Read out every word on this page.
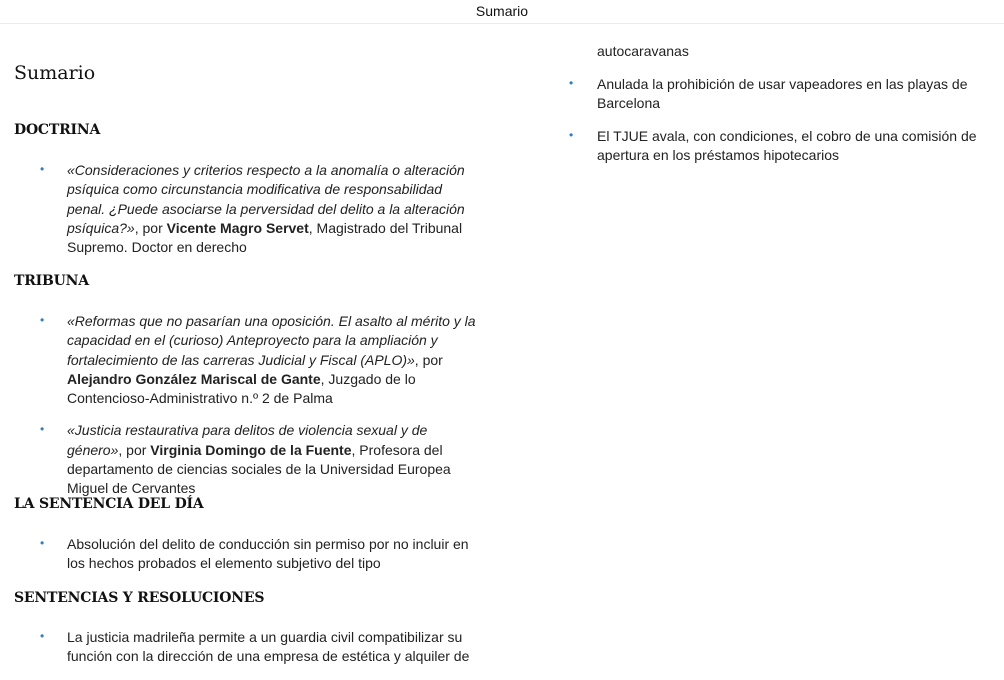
Sumario
Sumario
DOCTRINA
• «Consideraciones y criterios respecto a la anomalía o alteración psíquica como circunstancia modificativa de responsabilidad penal. ¿Puede asociarse la perversidad del delito a la alteración psíquica?», por Vicente Magro Servet, Magistrado del Tribunal Supremo. Doctor en derecho
TRIBUNA
• «Reformas que no pasarían una oposición. El asalto al mérito y la capacidad en el (curioso) Anteproyecto para la ampliación y fortalecimiento de las carreras Judicial y Fiscal (APLO)», por Alejandro González Mariscal de Gante, Juzgado de lo Contencioso-Administrativo n.º 2 de Palma
• «Justicia restaurativa para delitos de violencia sexual y de género», por Virginia Domingo de la Fuente, Profesora del departamento de ciencias sociales de la Universidad Europea Miguel de Cervantes
LA SENTENCIA DEL DÍA
• Absolución del delito de conducción sin permiso por no incluir en los hechos probados el elemento subjetivo del tipo
SENTENCIAS Y RESOLUCIONES
• La justicia madrileña permite a un guardia civil compatibilizar su función con la dirección de una empresa de estética y alquiler de

autocaravanas

• Anulada la prohibición de usar vapeadores en las playas de Barcelona
• El TJUE avala, con condiciones, el cobro de una comisión de apertura en los préstamos hipotecarios
